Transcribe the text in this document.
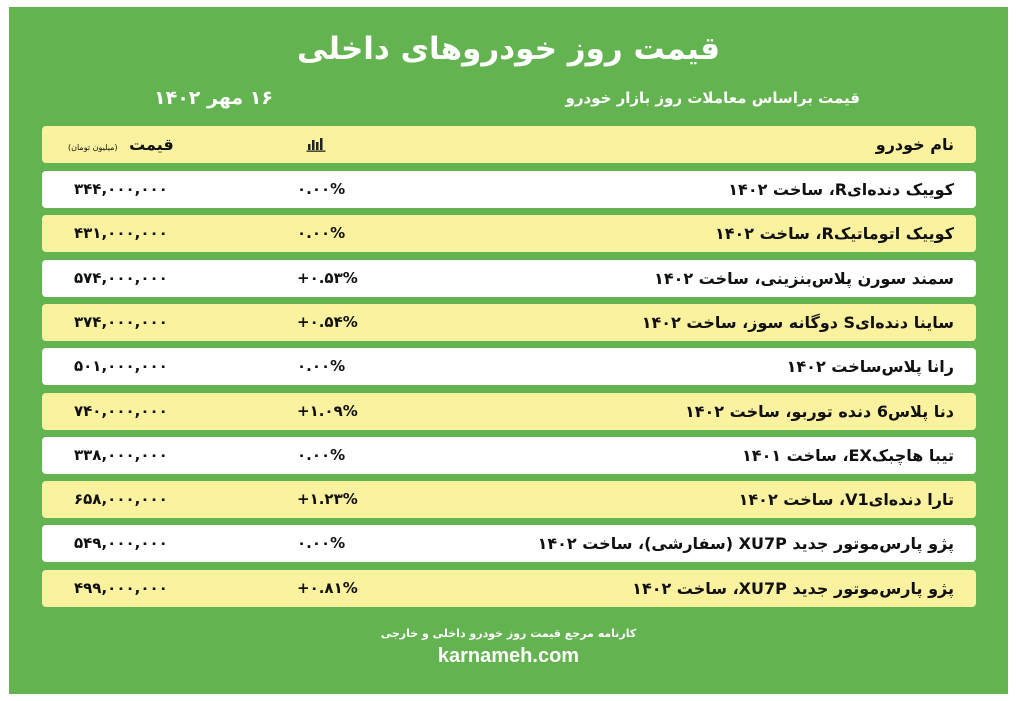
قیمت روز خودروهای داخلی
قیمت براساس معاملات روز بازار خودرو
۱۶ مهر ۱۴۰۲
نام خودرو
قیمت (میلیون تومان)
کوییک دنده‌ایR، ساخت ۱۴۰۲
۰.۰۰%
۳۴۴,۰۰۰,۰۰۰
کوییک اتوماتیکR، ساخت ۱۴۰۲
۰.۰۰%
۴۳۱,۰۰۰,۰۰۰
سمند سورن پلاس‌بنزینی، ساخت ۱۴۰۲
+۰.۵۳%
۵۷۴,۰۰۰,۰۰۰
ساینا دنده‌ایS دوگانه سوز، ساخت ۱۴۰۲
+۰.۵۴%
۳۷۴,۰۰۰,۰۰۰
رانا پلاس‌ساخت ۱۴۰۲
۰.۰۰%
۵۰۱,۰۰۰,۰۰۰
دنا پلاس6 دنده توربو، ساخت ۱۴۰۲
+۱.۰۹%
۷۴۰,۰۰۰,۰۰۰
تیبا هاچبکEX، ساخت ۱۴۰۱
۰.۰۰%
۳۳۸,۰۰۰,۰۰۰
تارا دنده‌ایV1، ساخت ۱۴۰۲
+۱.۲۳%
۶۵۸,۰۰۰,۰۰۰
پژو پارس‌موتور جدید XU7P (سفارشی)، ساخت ۱۴۰۲
۰.۰۰%
۵۴۹,۰۰۰,۰۰۰
پژو پارس‌موتور جدید XU7P، ساخت ۱۴۰۲
+۰.۸۱%
۴۹۹,۰۰۰,۰۰۰
کارنامه مرجع قیمت روز خودرو داخلی و خارجی
karnameh.com
